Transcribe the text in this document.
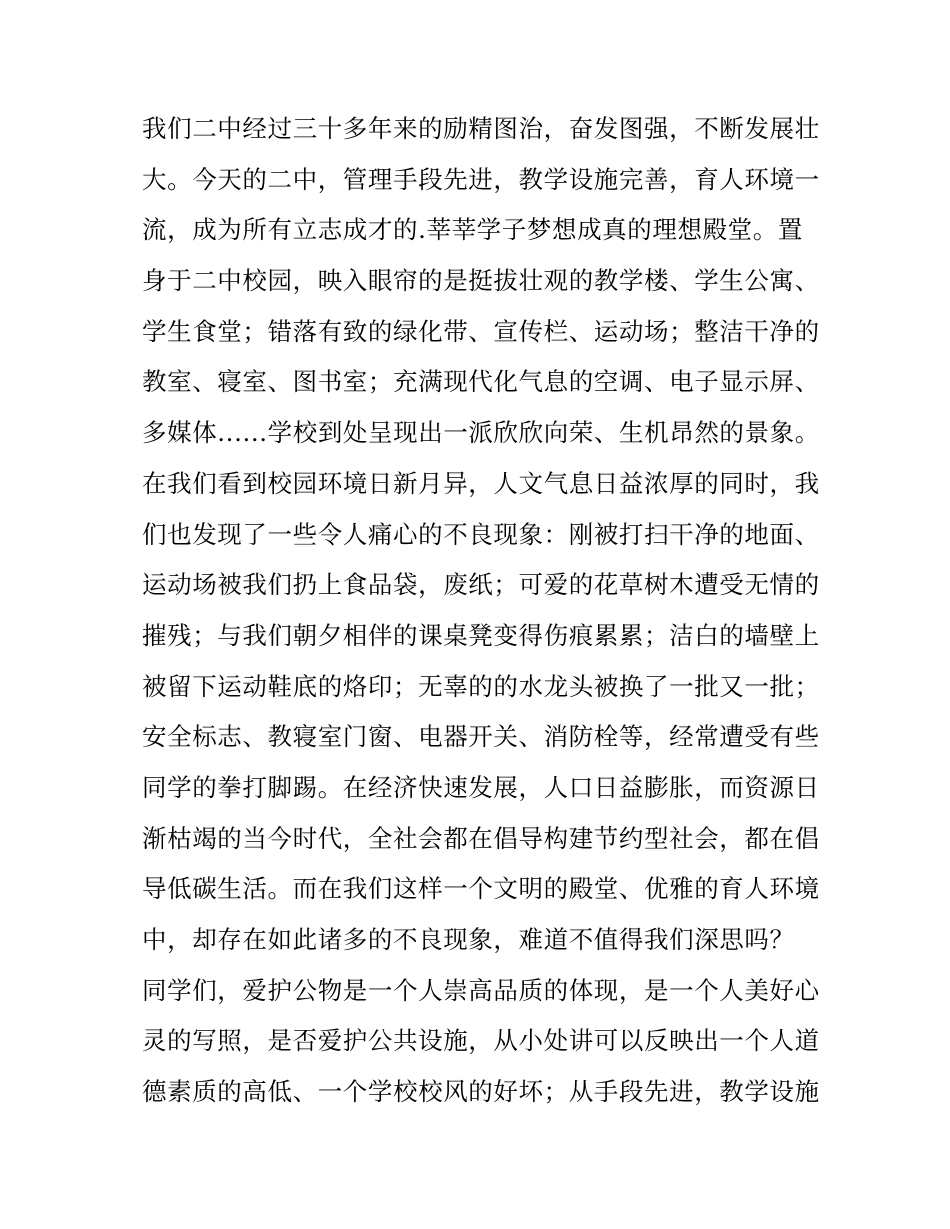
我们二中经过三十多年来的励精图治，奋发图强，不断发展壮
大。今天的二中，管理手段先进，教学设施完善，育人环境一
流，成为所有立志成才的.莘莘学子梦想成真的理想殿堂。置
身于二中校园，映入眼帘的是挺拔壮观的教学楼、学生公寓、
学生食堂；错落有致的绿化带、宣传栏、运动场；整洁干净的
教室、寝室、图书室；充满现代化气息的空调、电子显示屏、
多媒体......学校到处呈现出一派欣欣向荣、生机昂然的景象。
在我们看到校园环境日新月异，人文气息日益浓厚的同时，我
们也发现了一些令人痛心的不良现象：刚被打扫干净的地面、
运动场被我们扔上食品袋，废纸；可爱的花草树木遭受无情的
摧残；与我们朝夕相伴的课桌凳变得伤痕累累；洁白的墙壁上
被留下运动鞋底的烙印；无辜的的水龙头被换了一批又一批；
安全标志、教寝室门窗、电器开关、消防栓等，经常遭受有些
同学的拳打脚踢。在经济快速发展，人口日益膨胀，而资源日
渐枯竭的当今时代，全社会都在倡导构建节约型社会，都在倡
导低碳生活。而在我们这样一个文明的殿堂、优雅的育人环境
中，却存在如此诸多的不良现象，难道不值得我们深思吗？
同学们，爱护公物是一个人崇高品质的体现，是一个人美好心
灵的写照，是否爱护公共设施，从小处讲可以反映出一个人道
德素质的高低、一个学校校风的好坏；从手段先进，教学设施
